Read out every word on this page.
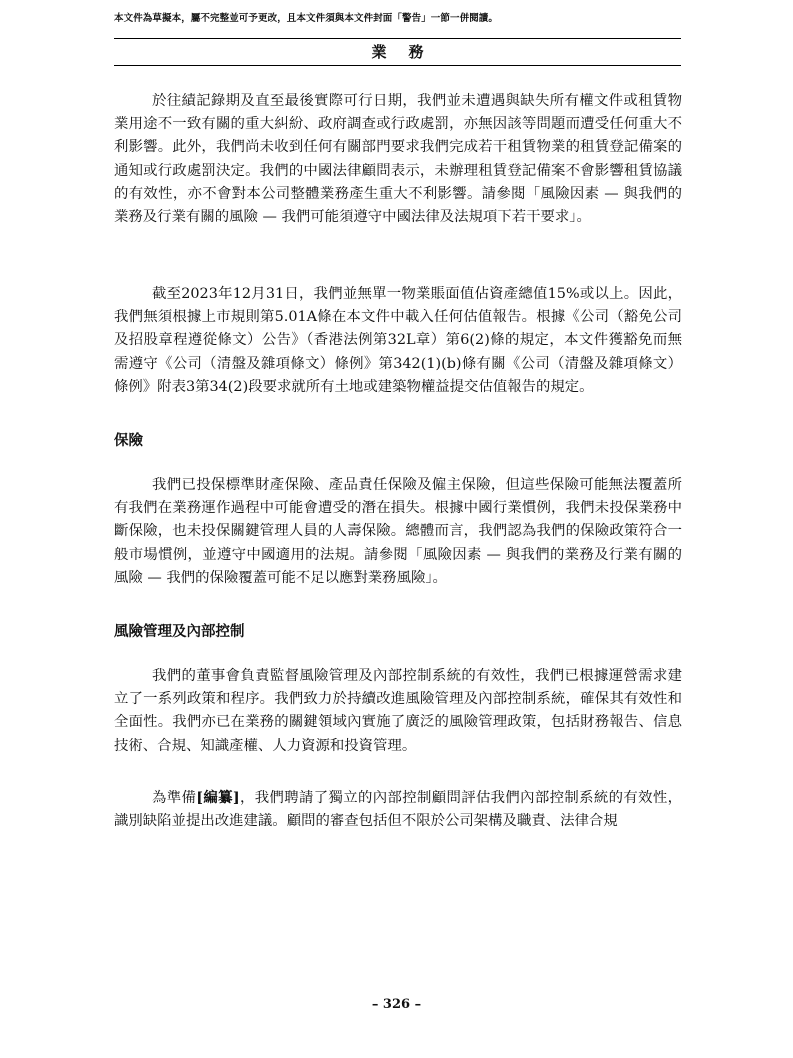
本文件為草擬本，屬不完整並可予更改，且本文件須與本文件封面「警告」一節一併閱讀。
業務

於往績記錄期及直至最後實際可行日期，我們並未遭遇與缺失所有權文件或租賃物業用途不一致有關的重大糾紛、政府調查或行政處罰，亦無因該等問題而遭受任何重大不利影響。此外，我們尚未收到任何有關部門要求我們完成若干租賃物業的租賃登記備案的通知或行政處罰決定。我們的中國法律顧問表示，未辦理租賃登記備案不會影響租賃協議的有效性，亦不會對本公司整體業務產生重大不利影響。請參閱「風險因素 — 與我們的業務及行業有關的風險 — 我們可能須遵守中國法律及法規項下若干要求」。

截至2023年12月31日，我們並無單一物業賬面值佔資產總值15%或以上。因此，我們無須根據上市規則第5.01A條在本文件中載入任何估值報告。根據《公司（豁免公司及招股章程遵從條文）公告》（香港法例第32L章）第6(2)條的規定，本文件獲豁免而無需遵守《公司（清盤及雜項條文）條例》第342(1)(b)條有關《公司（清盤及雜項條文）條例》附表3第34(2)段要求就所有土地或建築物權益提交估值報告的規定。

保險

我們已投保標準財產保險、產品責任保險及僱主保險，但這些保險可能無法覆蓋所有我們在業務運作過程中可能會遭受的潛在損失。根據中國行業慣例，我們未投保業務中斷保險，也未投保關鍵管理人員的人壽保險。總體而言，我們認為我們的保險政策符合一般市場慣例，並遵守中國適用的法規。請參閱「風險因素 — 與我們的業務及行業有關的風險 — 我們的保險覆蓋可能不足以應對業務風險」。

風險管理及內部控制

我們的董事會負責監督風險管理及內部控制系統的有效性，我們已根據運營需求建立了一系列政策和程序。我們致力於持續改進風險管理及內部控制系統，確保其有效性和全面性。我們亦已在業務的關鍵領域內實施了廣泛的風險管理政策，包括財務報告、信息技術、合規、知識產權、人力資源和投資管理。

為準備[編纂]，我們聘請了獨立的內部控制顧問評估我們內部控制系統的有效性，識別缺陷並提出改進建議。顧問的審查包括但不限於公司架構及職責、法律合規

– 326 –
